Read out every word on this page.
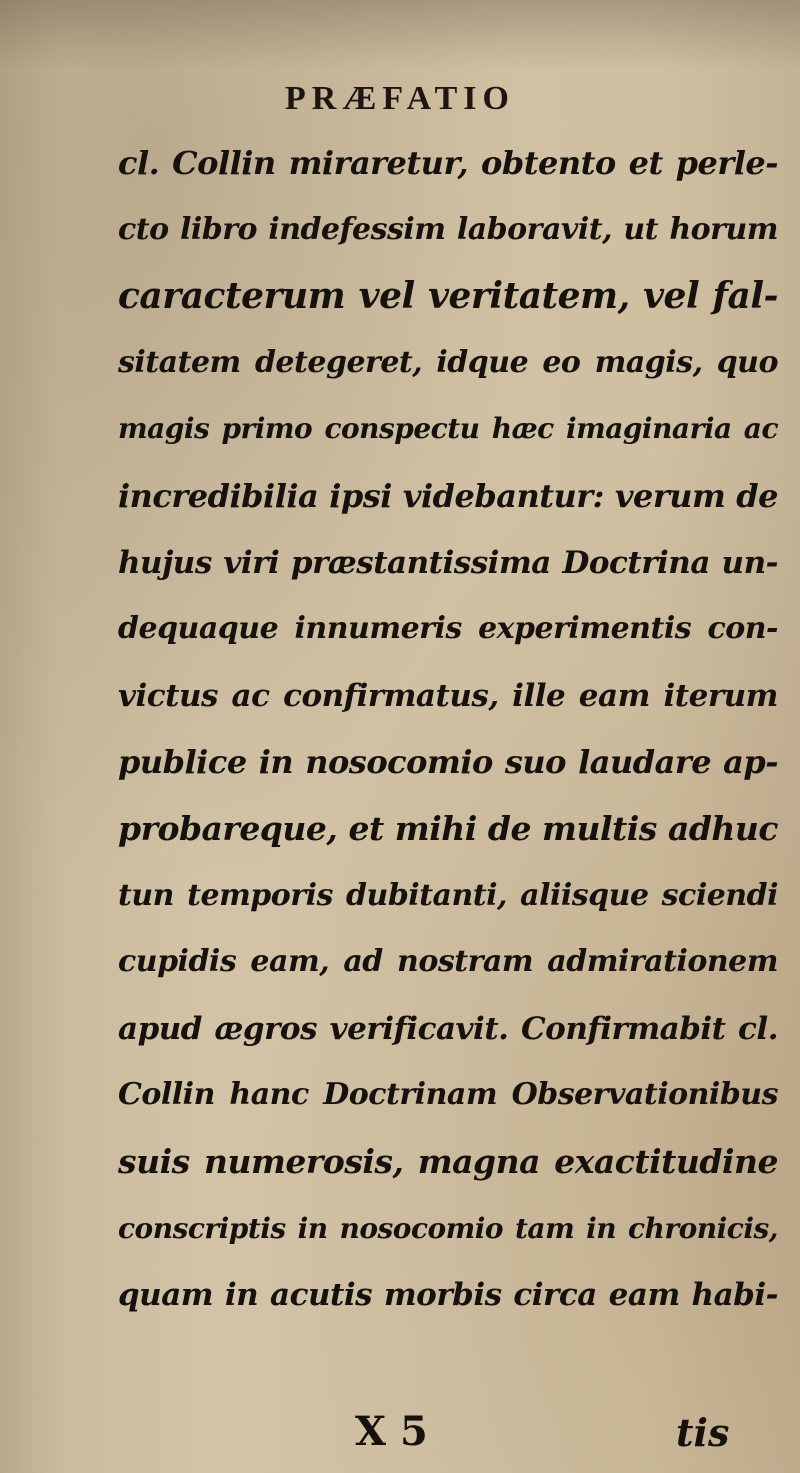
PRÆFATIO
cl. Collin miraretur, obtento et perle-
cto libro indefessim laboravit, ut horum
caracterum vel veritatem, vel fal-
sitatem detegeret, idque eo magis, quo
magis primo conspectu hæc imaginaria ac
incredibilia ipsi videbantur: verum de
hujus viri præstantissima Doctrina un-
dequaque innumeris experimentis con-
victus ac confirmatus, ille eam iterum
publice in nosocomio suo laudare ap-
probareque, et mihi de multis adhuc
tun temporis dubitanti, aliisque sciendi
cupidis eam, ad nostram admirationem
apud ægros verificavit. Confirmabit cl.
Collin hanc Doctrinam Observationibus
suis numerosis, magna exactitudine
conscriptis in nosocomio tam in chronicis,
quam in acutis morbis circa eam habi-
X 5	tis
